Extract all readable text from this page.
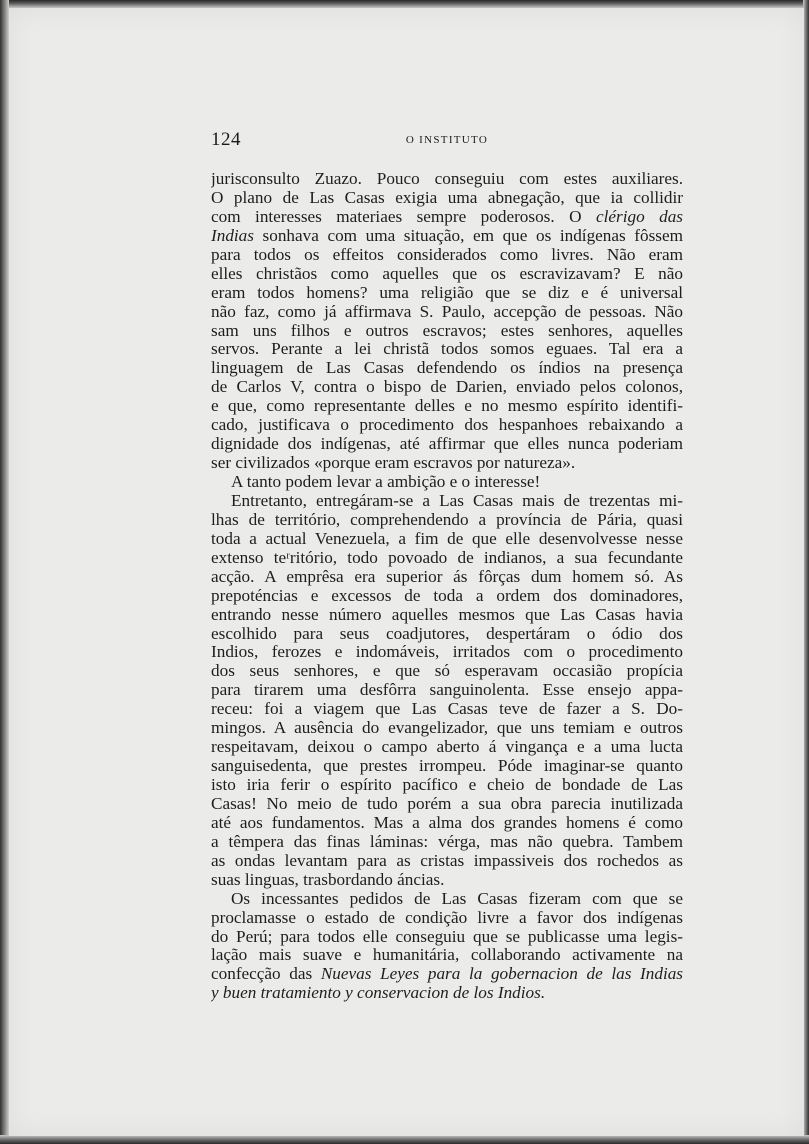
124	O INSTITUTO
jurisconsulto Zuazo. Pouco conseguiu com estes auxiliares.
O plano de Las Casas exigia uma abnegação, que ia collidir
com interesses materiaes sempre poderosos. O clérigo das
Indias sonhava com uma situação, em que os indígenas fôssem
para todos os effeitos considerados como livres. Não eram
elles christãos como aquelles que os escravizavam? E não
eram todos homens? uma religião que se diz e é universal
não faz, como já affirmava S. Paulo, accepção de pessoas. Não
sam uns filhos e outros escravos; estes senhores, aquelles
servos. Perante a lei christã todos somos eguaes. Tal era a
linguagem de Las Casas defendendo os índios na presença
de Carlos V, contra o bispo de Darien, enviado pelos colonos,
e que, como representante delles e no mesmo espírito identifi-
cado, justificava o procedimento dos hespanhoes rebaixando a
dignidade dos indígenas, até affirmar que elles nunca poderiam
ser civilizados «porque eram escravos por natureza».
A tanto podem levar a ambição e o interesse!
Entretanto, entregáram-se a Las Casas mais de trezentas mi-
lhas de território, comprehendendo a província de Pária, quasi
toda a actual Venezuela, a fim de que elle desenvolvesse nesse
extenso teʳritório, todo povoado de indianos, a sua fecundante
acção. A emprêsa era superior ás fôrças dum homem só. As
prepoténcias e excessos de toda a ordem dos dominadores,
entrando nesse número aquelles mesmos que Las Casas havia
escolhido para seus coadjutores, despertáram o ódio dos
Indios, ferozes e indomáveis, irritados com o procedimento
dos seus senhores, e que só esperavam occasião propícia
para tirarem uma desfôrra sanguinolenta. Esse ensejo appa-
receu: foi a viagem que Las Casas teve de fazer a S. Do-
mingos. A ausência do evangelizador, que uns temiam e outros
respeitavam, deixou o campo aberto á vingança e a uma lucta
sanguisedenta, que prestes irrompeu. Póde imaginar-se quanto
isto iria ferir o espírito pacífico e cheio de bondade de Las
Casas! No meio de tudo porém a sua obra parecia inutilizada
até aos fundamentos. Mas a alma dos grandes homens é como
a têmpera das finas láminas: vérga, mas não quebra. Tambem
as ondas levantam para as cristas impassiveis dos rochedos as
suas linguas, trasbordando áncias.
Os incessantes pedidos de Las Casas fizeram com que se
proclamasse o estado de condição livre a favor dos indígenas
do Perú; para todos elle conseguiu que se publicasse uma legis-
lação mais suave e humanitária, collaborando activamente na
confecção das Nuevas Leyes para la gobernacion de las Indias
y buen tratamiento y conservacion de los Indios.
